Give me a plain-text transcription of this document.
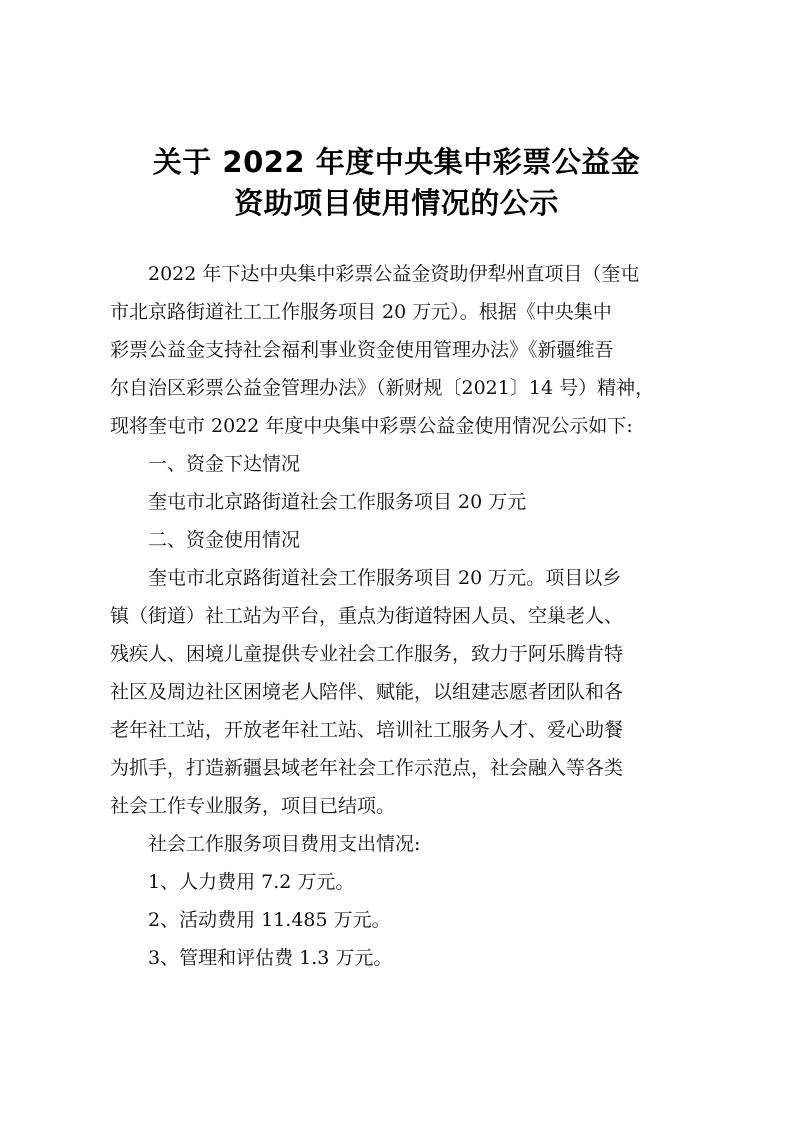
关于 2022 年度中央集中彩票公益金
资助项目使用情况的公示
2022 年下达中央集中彩票公益金资助伊犁州直项目（奎屯
市北京路街道社工工作服务项目 20 万元）。根据《中央集中
彩票公益金支持社会福利事业资金使用管理办法》《新疆维吾
尔自治区彩票公益金管理办法》（新财规〔2021〕14 号）精神，
现将奎屯市 2022 年度中央集中彩票公益金使用情况公示如下:
一、资金下达情况
奎屯市北京路街道社会工作服务项目 20 万元
二、资金使用情况
奎屯市北京路街道社会工作服务项目 20 万元。项目以乡
镇（街道）社工站为平台，重点为街道特困人员、空巢老人、
残疾人、困境儿童提供专业社会工作服务，致力于阿乐腾肯特
社区及周边社区困境老人陪伴、赋能，以组建志愿者团队和各
老年社工站，开放老年社工站、培训社工服务人才、爱心助餐
为抓手，打造新疆县域老年社会工作示范点，社会融入等各类
社会工作专业服务，项目已结项。
社会工作服务项目费用支出情况:
1、人力费用 7.2 万元。
2、活动费用 11.485 万元。
3、管理和评估费 1.3 万元。
